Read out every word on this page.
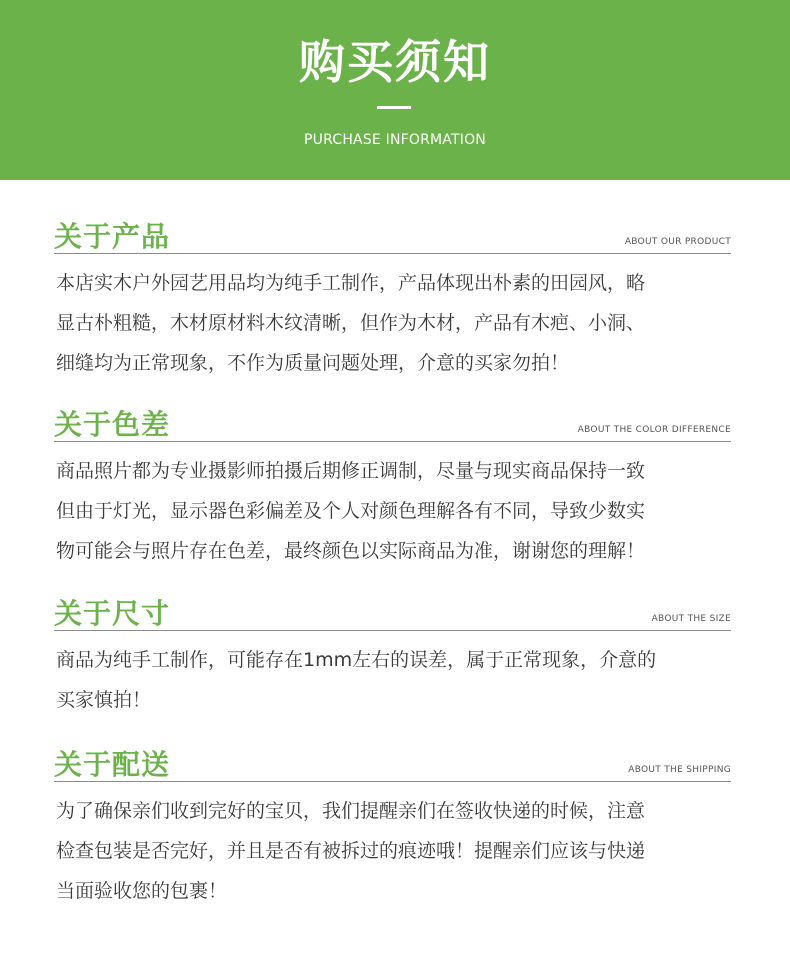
购买须知
PURCHASE INFORMATION
关于产品	ABOUT OUR PRODUCT
本店实木户外园艺用品均为纯手工制作，产品体现出朴素的田园风，略
显古朴粗糙，木材原材料木纹清晰，但作为木材，产品有木疤、小洞、
细缝均为正常现象，不作为质量问题处理，介意的买家勿拍！
关于色差	ABOUT THE COLOR DIFFERENCE
商品照片都为专业摄影师拍摄后期修正调制，尽量与现实商品保持一致
但由于灯光，显示器色彩偏差及个人对颜色理解各有不同，导致少数实
物可能会与照片存在色差，最终颜色以实际商品为准，谢谢您的理解！
关于尺寸	ABOUT THE SIZE
商品为纯手工制作，可能存在1mm左右的误差，属于正常现象，介意的
买家慎拍！
关于配送	ABOUT THE SHIPPING
为了确保亲们收到完好的宝贝，我们提醒亲们在签收快递的时候，注意
检查包装是否完好，并且是否有被拆过的痕迹哦！提醒亲们应该与快递
当面验收您的包裹！
